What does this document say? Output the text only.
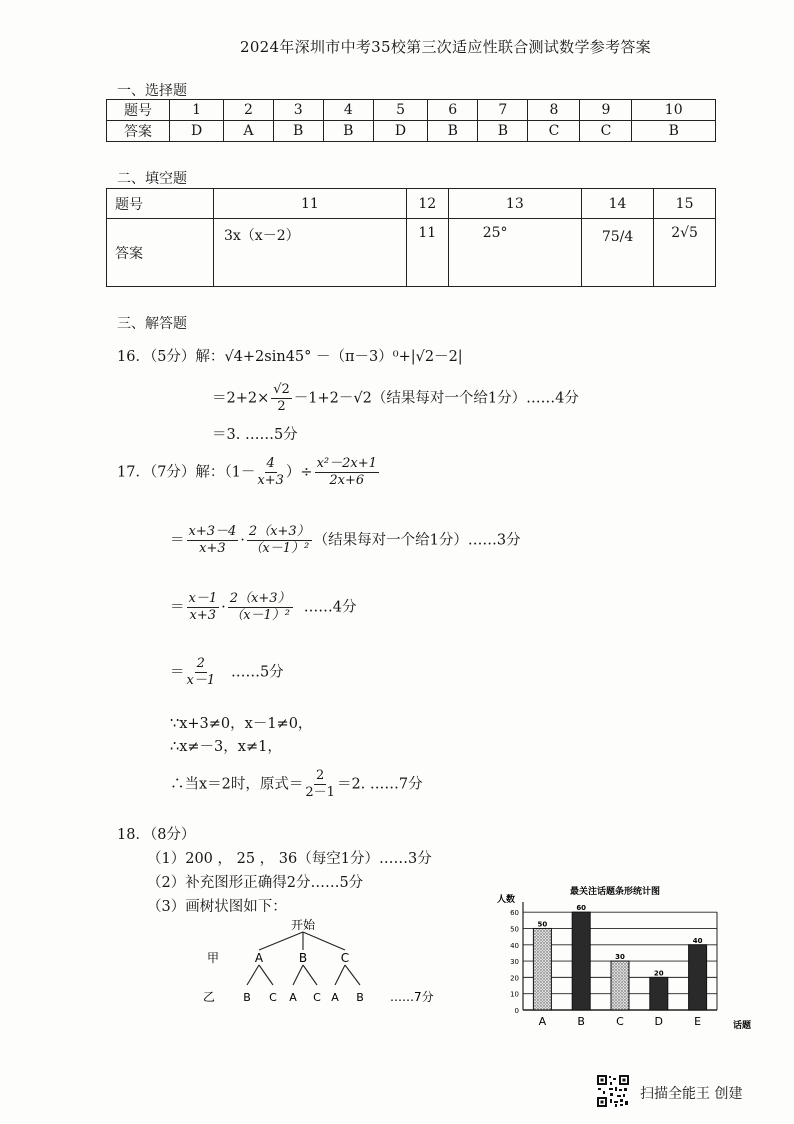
2024年深圳市中考35校第三次适应性联合测试数学参考答案
一、选择题
题号	1	2	3	4	5	6	7	8	9	10
答案	D	A	B	B	D	B	B	C	C	B
二、填空题
题号	11	12	13	14	15
答案	3x（x－2）	11	25°	75/4	2√5
三、解答题
16．（5分）解：√4+2sin45° －（π－3）⁰+|√2－2|
$=2+2\times \frac{√2}{2} -1+2-√2$（结果每对一个给1分）……4分
＝3. ……5分
17．（7分）解：（$1- \frac{4}{x+3}$ ）÷ $\frac{\text{x²－2x+1}}{2x+6}$
＝ $\frac{x+3-4}{x+3} \cdot \frac{2(x+3)}{\text{（x－1）²}}$ （结果每对一个给1分）……3分
＝ $\frac{x-1}{x+3} \cdot \frac{2(x+3)}{\text{（x－1）²}}$ ……4分
＝ $\frac{2}{x-1}$ ……5分
∵x+3≠0，x－1≠0，
∴x≠－3，x≠1，
∴当x＝2时，原式＝ $\frac{2}{2-1} =2$. ……7分
18．（8分）
（1）200 ， 25 ， 36（每空1分）……3分
（2）补充图形正确得2分……5分
（3）画树状图如下：
开始
甲
乙
A	B	C
B C A C A B ……7分
最关注话题条形统计图
人数
话题
0
10
20
30
40
50
60
50
A
60
B
30
C
20
D
40
E
扫描全能王 创建
